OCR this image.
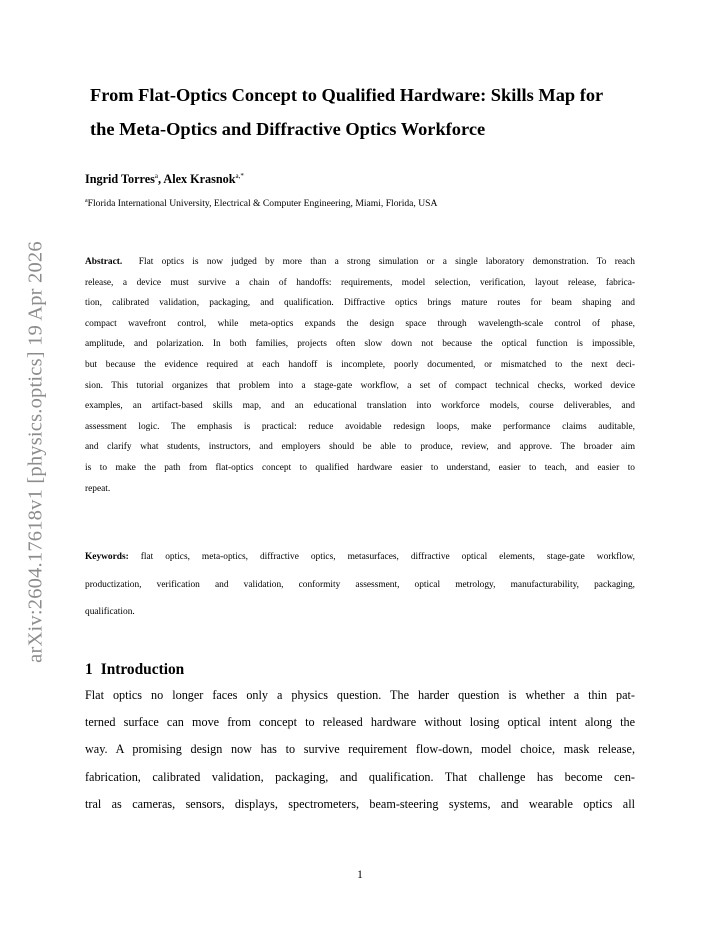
arXiv:2604.17618v1 [physics.optics] 19 Apr 2026
From Flat-Optics Concept to Qualified Hardware: Skills Map for
the Meta-Optics and Diffractive Optics Workforce
Ingrid Torres$^a$, Alex Krasnok$^{a,*}$
$^a$Florida International University, Electrical & Computer Engineering, Miami, Florida, USA
Abstract. Flat optics is now judged by more than a strong simulation or a single laboratory demonstration. To reach
release, a device must survive a chain of handoffs: requirements, model selection, verification, layout release, fabrica-
tion, calibrated validation, packaging, and qualification. Diffractive optics brings mature routes for beam shaping and
compact wavefront control, while meta-optics expands the design space through wavelength-scale control of phase,
amplitude, and polarization. In both families, projects often slow down not because the optical function is impossible,
but because the evidence required at each handoff is incomplete, poorly documented, or mismatched to the next deci-
sion. This tutorial organizes that problem into a stage-gate workflow, a set of compact technical checks, worked device
examples, an artifact-based skills map, and an educational translation into workforce models, course deliverables, and
assessment logic. The emphasis is practical: reduce avoidable redesign loops, make performance claims auditable,
and clarify what students, instructors, and employers should be able to produce, review, and approve. The broader aim
is to make the path from flat-optics concept to qualified hardware easier to understand, easier to teach, and easier to
repeat.
Keywords: flat optics, meta-optics, diffractive optics, metasurfaces, diffractive optical elements, stage-gate workflow,
productization, verification and validation, conformity assessment, optical metrology, manufacturability, packaging,
qualification.
1 Introduction
Flat optics no longer faces only a physics question. The harder question is whether a thin pat-
terned surface can move from concept to released hardware without losing optical intent along the
way. A promising design now has to survive requirement flow-down, model choice, mask release,
fabrication, calibrated validation, packaging, and qualification. That challenge has become cen-
tral as cameras, sensors, displays, spectrometers, beam-steering systems, and wearable optics all
1
